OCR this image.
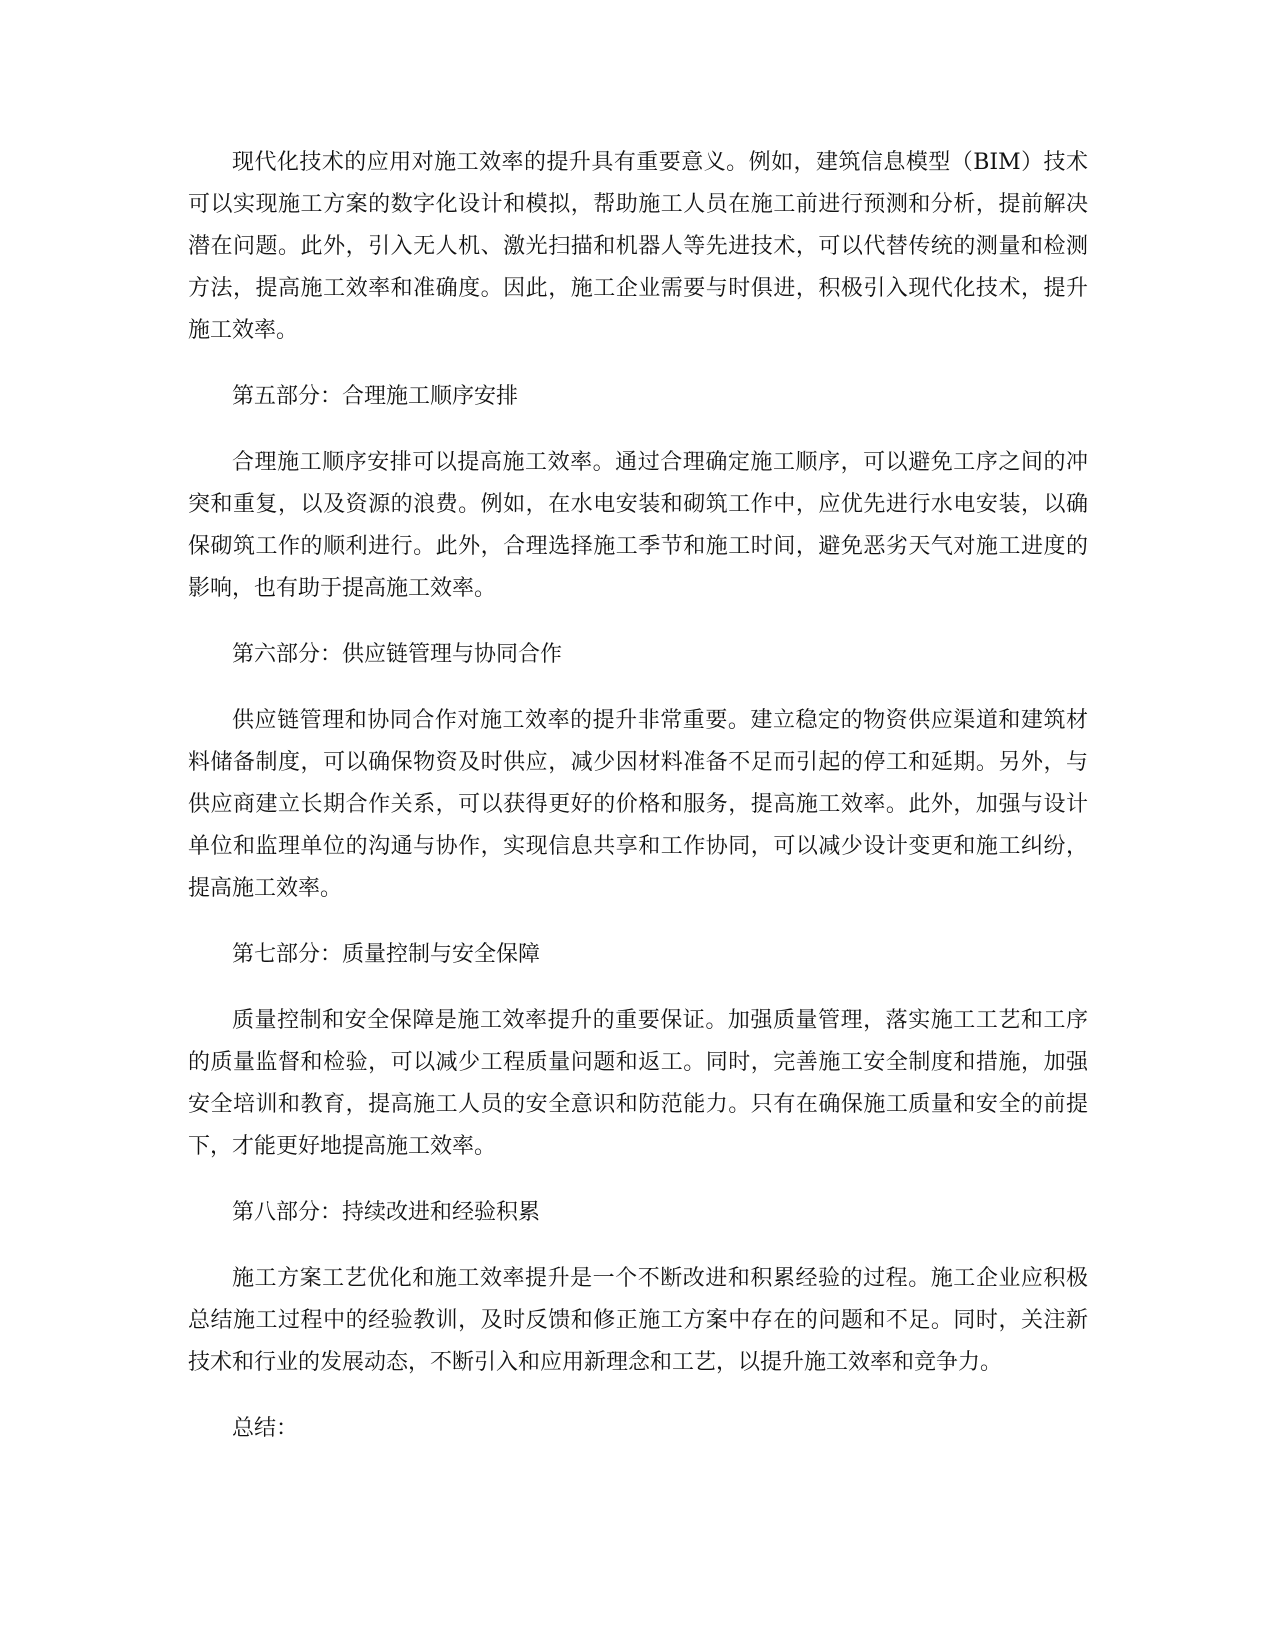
现代化技术的应用对施工效率的提升具有重要意义。例如，建筑信息模型（BIM）技术可以实现施工方案的数字化设计和模拟，帮助施工人员在施工前进行预测和分析，提前解决潜在问题。此外，引入无人机、激光扫描和机器人等先进技术，可以代替传统的测量和检测方法，提高施工效率和准确度。因此，施工企业需要与时俱进，积极引入现代化技术，提升施工效率。

第五部分：合理施工顺序安排

合理施工顺序安排可以提高施工效率。通过合理确定施工顺序，可以避免工序之间的冲突和重复，以及资源的浪费。例如，在水电安装和砌筑工作中，应优先进行水电安装，以确保砌筑工作的顺利进行。此外，合理选择施工季节和施工时间，避免恶劣天气对施工进度的影响，也有助于提高施工效率。

第六部分：供应链管理与协同合作

供应链管理和协同合作对施工效率的提升非常重要。建立稳定的物资供应渠道和建筑材料储备制度，可以确保物资及时供应，减少因材料准备不足而引起的停工和延期。另外，与供应商建立长期合作关系，可以获得更好的价格和服务，提高施工效率。此外，加强与设计单位和监理单位的沟通与协作，实现信息共享和工作协同，可以减少设计变更和施工纠纷，提高施工效率。

第七部分：质量控制与安全保障

质量控制和安全保障是施工效率提升的重要保证。加强质量管理，落实施工工艺和工序的质量监督和检验，可以减少工程质量问题和返工。同时，完善施工安全制度和措施，加强安全培训和教育，提高施工人员的安全意识和防范能力。只有在确保施工质量和安全的前提下，才能更好地提高施工效率。

第八部分：持续改进和经验积累

施工方案工艺优化和施工效率提升是一个不断改进和积累经验的过程。施工企业应积极总结施工过程中的经验教训，及时反馈和修正施工方案中存在的问题和不足。同时，关注新技术和行业的发展动态，不断引入和应用新理念和工艺，以提升施工效率和竞争力。

总结：
